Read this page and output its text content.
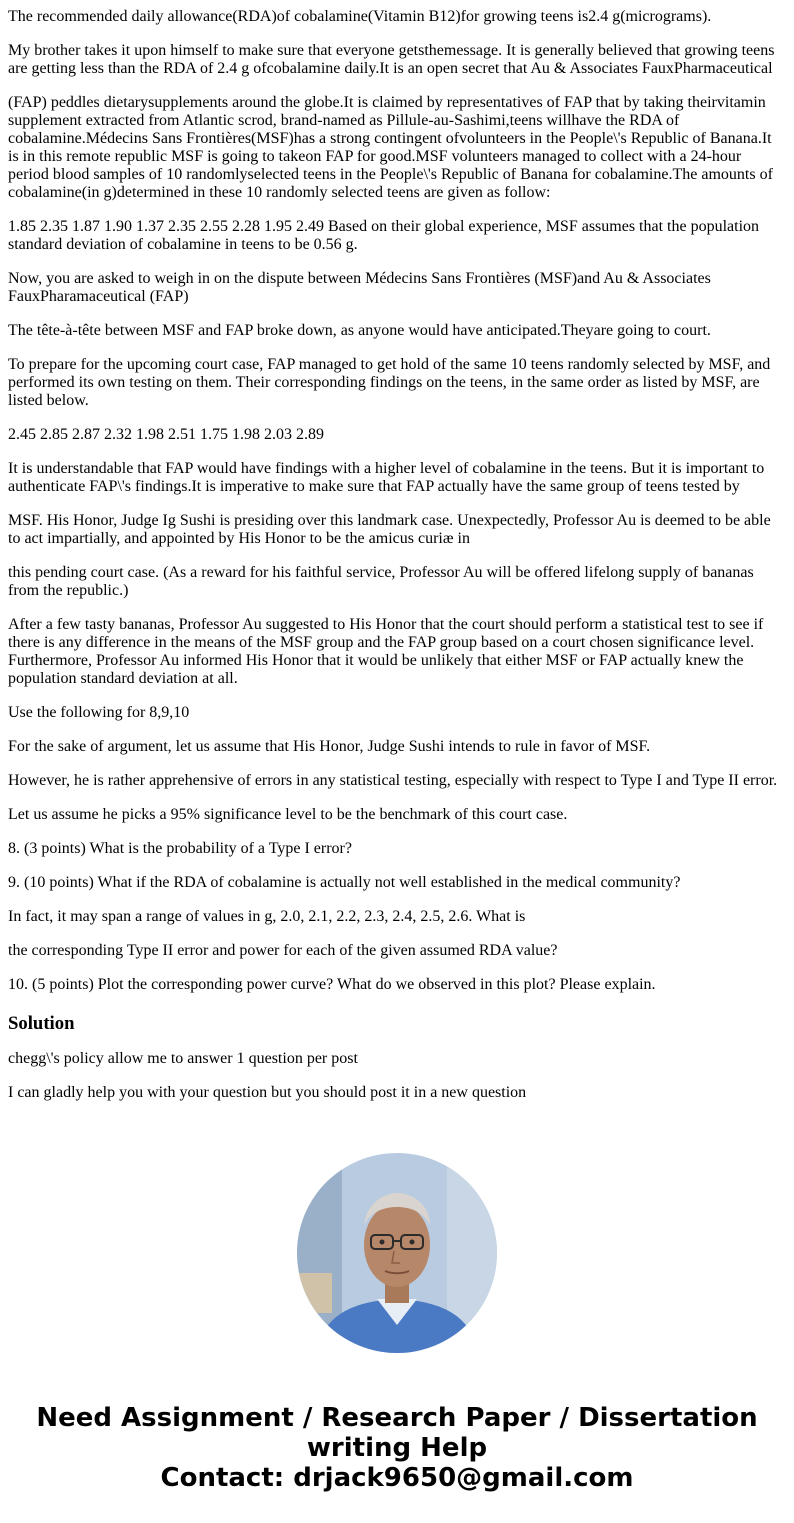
The recommended daily allowance(RDA)of cobalamine(Vitamin B12)for growing teens is2.4 g(micrograms).

My brother takes it upon himself to make sure that everyone getsthemessage. It is generally believed that growing teens are getting less than the RDA of 2.4 g ofcobalamine daily.It is an open secret that Au & Associates FauxPharmaceutical

(FAP) peddles dietarysupplements around the globe.It is claimed by representatives of FAP that by taking theirvitamin supplement extracted from Atlantic scrod, brand-named as Pillule-au-Sashimi,teens willhave the RDA of cobalamine.Médecins Sans Frontières(MSF)has a strong contingent ofvolunteers in the People\'s Republic of Banana.It is in this remote republic MSF is going to takeon FAP for good.MSF volunteers managed to collect with a 24-hour period blood samples of 10 randomlyselected teens in the People\'s Republic of Banana for cobalamine.The amounts of cobalamine(in g)determined in these 10 randomly selected teens are given as follow:

1.85 2.35 1.87 1.90 1.37 2.35 2.55 2.28 1.95 2.49 Based on their global experience, MSF assumes that the population standard deviation of cobalamine in teens to be 0.56 g.

Now, you are asked to weigh in on the dispute between Médecins Sans Frontières (MSF)and Au & Associates FauxPharamaceutical (FAP)

The tête-à-tête between MSF and FAP broke down, as anyone would have anticipated.Theyare going to court.

To prepare for the upcoming court case, FAP managed to get hold of the same 10 teens randomly selected by MSF, and performed its own testing on them. Their corresponding findings on the teens, in the same order as listed by MSF, are listed below.

2.45 2.85 2.87 2.32 1.98 2.51 1.75 1.98 2.03 2.89

It is understandable that FAP would have findings with a higher level of cobalamine in the teens. But it is important to authenticate FAP\'s findings.It is imperative to make sure that FAP actually have the same group of teens tested by

MSF. His Honor, Judge Ig Sushi is presiding over this landmark case. Unexpectedly, Professor Au is deemed to be able to act impartially, and appointed by His Honor to be the amicus curiæ in

this pending court case. (As a reward for his faithful service, Professor Au will be offered lifelong supply of bananas from the republic.)

After a few tasty bananas, Professor Au suggested to His Honor that the court should perform a statistical test to see if there is any difference in the means of the MSF group and the FAP group based on a court chosen significance level. Furthermore, Professor Au informed His Honor that it would be unlikely that either MSF or FAP actually knew the population standard deviation at all.

Use the following for 8,9,10

For the sake of argument, let us assume that His Honor, Judge Sushi intends to rule in favor of MSF.

However, he is rather apprehensive of errors in any statistical testing, especially with respect to Type I and Type II error.

Let us assume he picks a 95% significance level to be the benchmark of this court case.

8. (3 points) What is the probability of a Type I error?

9. (10 points) What if the RDA of cobalamine is actually not well established in the medical community?

In fact, it may span a range of values in g, 2.0, 2.1, 2.2, 2.3, 2.4, 2.5, 2.6. What is

the corresponding Type II error and power for each of the given assumed RDA value?

10. (5 points) Plot the corresponding power curve? What do we observed in this plot? Please explain.

Solution

chegg\'s policy allow me to answer 1 question per post

I can gladly help you with your question but you should post it in a new question

Need Assignment / Research Paper / Dissertation
writing Help
Contact: drjack9650@gmail.com
